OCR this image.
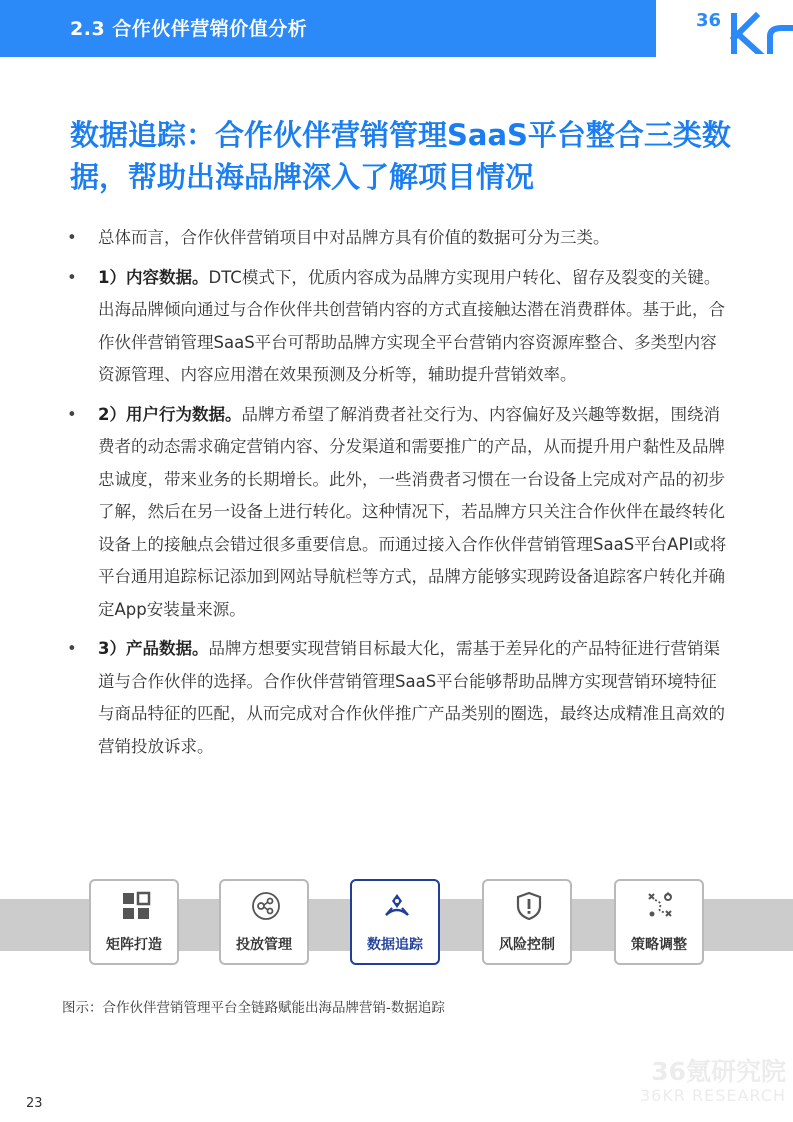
2.3 合作伙伴营销价值分析	36
数据追踪：合作伙伴营销管理SaaS平台整合三类数据，帮助出海品牌深入了解项目情况
• 总体而言，合作伙伴营销项目中对品牌方具有价值的数据可分为三类。
• 1）内容数据。DTC模式下，优质内容成为品牌方实现用户转化、留存及裂变的关键。出海品牌倾向通过与合作伙伴共创营销内容的方式直接触达潜在消费群体。基于此，合作伙伴营销管理SaaS平台可帮助品牌方实现全平台营销内容资源库整合、多类型内容资源管理、内容应用潜在效果预测及分析等，辅助提升营销效率。
• 2）用户行为数据。品牌方希望了解消费者社交行为、内容偏好及兴趣等数据，围绕消费者的动态需求确定营销内容、分发渠道和需要推广的产品，从而提升用户黏性及品牌忠诚度，带来业务的长期增长。此外，一些消费者习惯在一台设备上完成对产品的初步了解，然后在另一设备上进行转化。这种情况下，若品牌方只关注合作伙伴在最终转化设备上的接触点会错过很多重要信息。而通过接入合作伙伴营销管理SaaS平台API或将平台通用追踪标记添加到网站导航栏等方式，品牌方能够实现跨设备追踪客户转化并确定App安装量来源。
• 3）产品数据。品牌方想要实现营销目标最大化，需基于差异化的产品特征进行营销渠道与合作伙伴的选择。合作伙伴营销管理SaaS平台能够帮助品牌方实现营销环境特征与商品特征的匹配，从而完成对合作伙伴推广产品类别的圈选，最终达成精准且高效的营销投放诉求。
矩阵打造	投放管理	数据追踪	风险控制	策略调整
图示：合作伙伴营销管理平台全链路赋能出海品牌营销-数据追踪
36氪研究院
36KR RESEARCH
23
